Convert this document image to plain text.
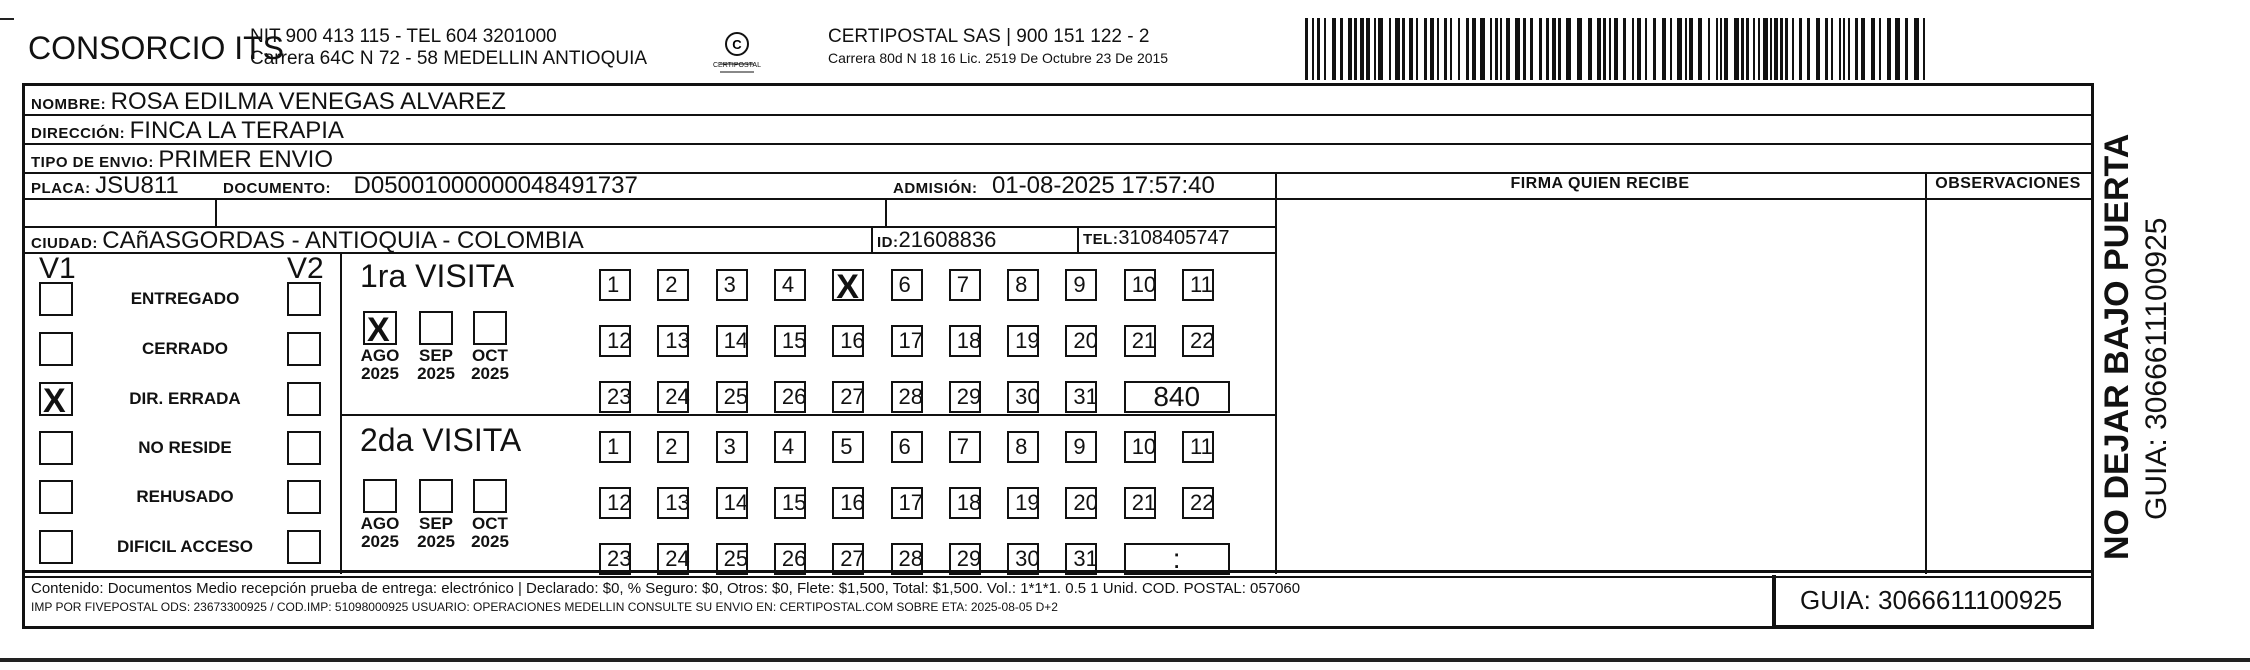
CONSORCIO ITS
NIT 900 413 115 - TEL 604 3201000
Carrera 64C N 72 - 58 MEDELLIN ANTIOQUIA
C
CERTIPOSTAL
CERTIPOSTAL SAS | 900 151 122 - 2
Carrera 80d N 18 16 Lic. 2519 De Octubre 23 De 2015
NOMBRE: ROSA EDILMA VENEGAS ALVAREZ
DIRECCIÓN: FINCA LA TERAPIA
TIPO DE ENVIO: PRIMER ENVIO
PLACA: JSU811	DOCUMENTO: D05001000000048491737	ADMISIÓN: 01-08-2025 17:57:40
CIUDAD: CAñASGORDAS - ANTIOQUIA - COLOMBIA	ID:21608836	TEL:3108405747
FIRMA QUIEN RECIBE	OBSERVACIONES
V1	V2
ENTREGADO
CERRADO
X	DIR. ERRADA
NO RESIDE
REHUSADO
DIFICIL ACCESO
1ra VISITA
X
AGO
2025
SEP
2025
OCT
2025
1	2	3	4	X	6	7	8	9	10	11
12	13	14	15	16	17	18	19	20	21	22
23	24	25	26	27	28	29	30	31	840
2da VISITA
AGO
2025
SEP
2025
OCT
2025
1	2	3	4	5	6	7	8	9	10	11
12	13	14	15	16	17	18	19	20	21	22
23	24	25	26	27	28	29	30	31	:
Contenido: Documentos Medio recepción prueba de entrega: electrónico | Declarado: $0, % Seguro: $0, Otros: $0, Flete: $1,500, Total: $1,500. Vol.: 1*1*1. 0.5 1 Unid. COD. POSTAL: 057060
IMP POR FIVEPOSTAL ODS: 23673300925 / COD.IMP: 51098000925 USUARIO: OPERACIONES MEDELLIN CONSULTE SU ENVIO EN: CERTIPOSTAL.COM SOBRE ETA: 2025-08-05 D+2	GUIA: 3066611100925
NO DEJAR BAJO PUERTA GUIA: 3066611100925
